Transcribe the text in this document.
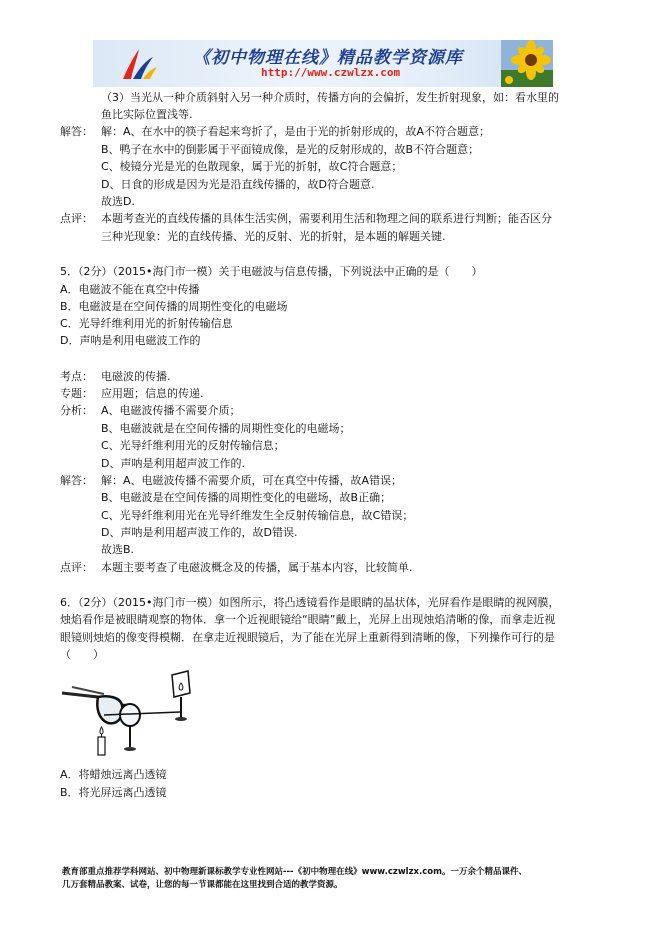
《初中物理在线》精品教学资源库
http://www.czwlzx.com
（3）当光从一种介质斜射入另一种介质时，传播方向的会偏折，发生折射现象，如：看水里的
鱼比实际位置浅等.
解答： 解：A、在水中的筷子看起来弯折了，是由于光的折射形成的，故A不符合题意；
B、鸭子在水中的倒影属于平面镜成像，是光的反射形成的，故B不符合题意；
C、棱镜分光是光的色散现象，属于光的折射，故C符合题意；
D、日食的形成是因为光是沿直线传播的，故D符合题意.
故选D.
点评： 本题考查光的直线传播的具体生活实例，需要利用生活和物理之间的联系进行判断；能否区分
三种光现象：光的直线传播、光的反射、光的折射，是本题的解题关键.
5．（2分）（2015•海门市一模）关于电磁波与信息传播，下列说法中正确的是（　　）
A．电磁波不能在真空中传播
B．电磁波是在空间传播的周期性变化的电磁场
C．光导纤维利用光的折射传输信息
D．声呐是利用电磁波工作的
考点： 电磁波的传播.
专题： 应用题；信息的传递.
分析： A、电磁波传播不需要介质；
B、电磁波就是在空间传播的周期性变化的电磁场；
C、光导纤维利用光的反射传输信息；
D、声呐是利用超声波工作的.
解答： 解：A、电磁波传播不需要介质，可在真空中传播，故A错误；
B、电磁波是在空间传播的周期性变化的电磁场，故B正确；
C、光导纤维利用光在光导纤维发生全反射传输信息，故C错误；
D、声呐是利用超声波工作的，故D错误.
故选B.
点评： 本题主要考查了电磁波概念及的传播，属于基本内容，比较简单.
6．（2分）（2015•海门市一模）如图所示，将凸透镜看作是眼睛的晶状体，光屏看作是眼睛的视网膜，
烛焰看作是被眼睛观察的物体．拿一个近视眼镜给“眼睛”戴上，光屏上出现烛焰清晰的像，而拿走近视
眼镜则烛焰的像变得模糊．在拿走近视眼镜后，为了能在光屏上重新得到清晰的像，下列操作可行的是
（　　）
A．将蜡烛远离凸透镜
B．将光屏远离凸透镜
教育部重点推荐学科网站、初中物理新课标教学专业性网站---《初中物理在线》www.czwlzx.com。一万余个精品课件、
几万套精品教案、试卷，让您的每一节课都能在这里找到合适的教学资源。
